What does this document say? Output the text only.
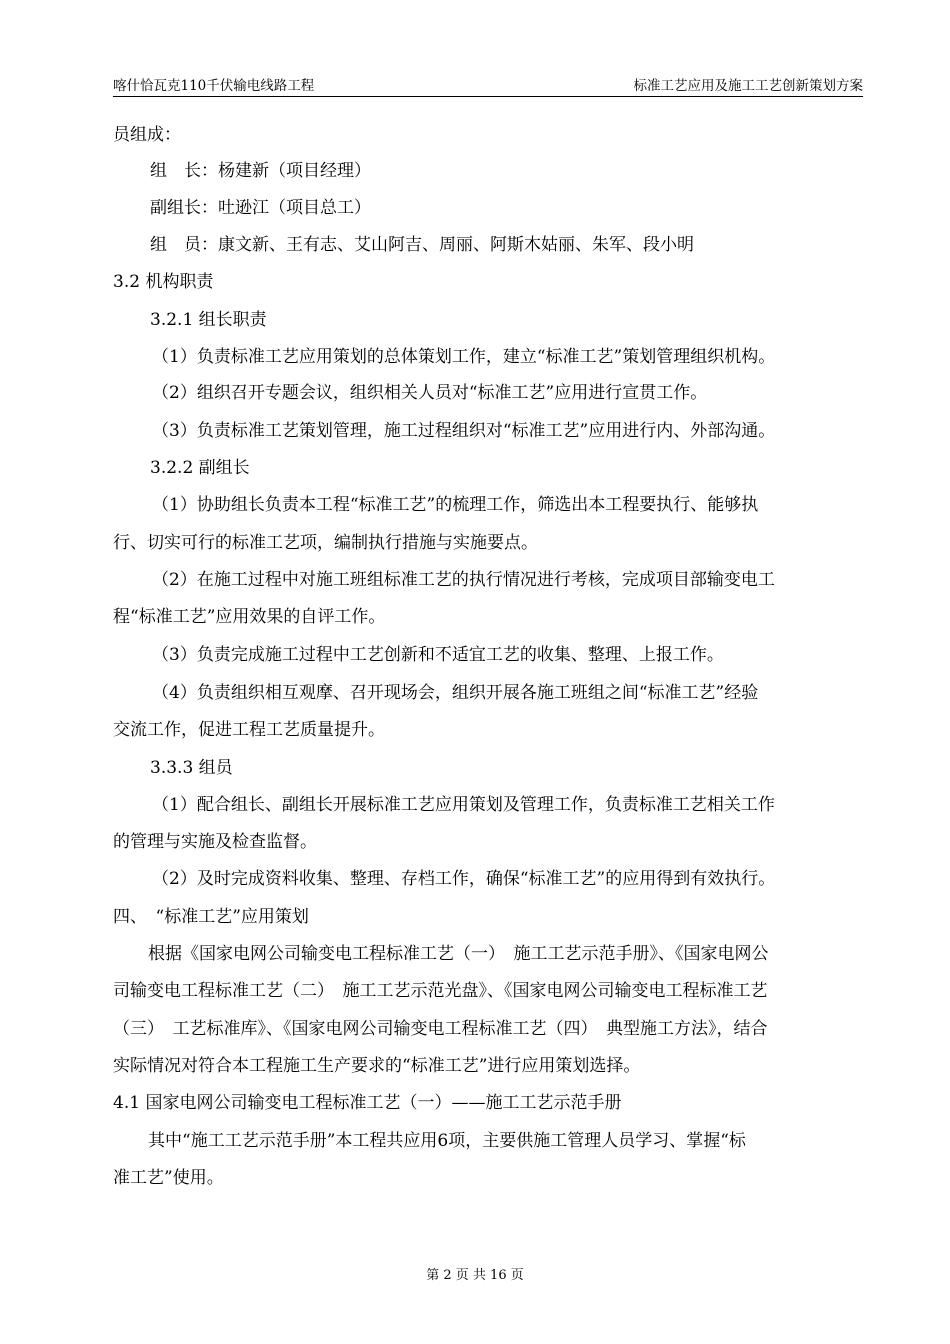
喀什恰瓦克110千伏输电线路工程	标准工艺应用及施工工艺创新策划方案
员组成：
组　长：杨建新（项目经理）
副组长：吐逊江（项目总工）
组　员：康文新、王有志、艾山阿吉、周丽、阿斯木姑丽、朱军、段小明
3.2 机构职责
3.2.1 组长职责
（1）负责标准工艺应用策划的总体策划工作，建立“标准工艺”策划管理组织机构。
（2）组织召开专题会议，组织相关人员对“标准工艺”应用进行宣贯工作。
（3）负责标准工艺策划管理，施工过程组织对“标准工艺”应用进行内、外部沟通。
3.2.2 副组长
（1）协助组长负责本工程“标准工艺”的梳理工作，筛选出本工程要执行、能够执
行、切实可行的标准工艺项，编制执行措施与实施要点。
（2）在施工过程中对施工班组标准工艺的执行情况进行考核，完成项目部输变电工
程“标准工艺”应用效果的自评工作。
（3）负责完成施工过程中工艺创新和不适宜工艺的收集、整理、上报工作。
（4）负责组织相互观摩、召开现场会，组织开展各施工班组之间“标准工艺”经验
交流工作，促进工程工艺质量提升。
3.3.3 组员
（1）配合组长、副组长开展标准工艺应用策划及管理工作，负责标准工艺相关工作
的管理与实施及检查监督。
（2）及时完成资料收集、整理、存档工作，确保“标准工艺”的应用得到有效执行。
四、　“标准工艺”应用策划
根据《国家电网公司输变电工程标准工艺（一）　施工工艺示范手册》、《国家电网公
司输变电工程标准工艺（二）　施工工艺示范光盘》、《国家电网公司输变电工程标准工艺
（三）　工艺标准库》、《国家电网公司输变电工程标准工艺（四）　典型施工方法》，结合
实际情况对符合本工程施工生产要求的“标准工艺”进行应用策划选择。
4.1 国家电网公司输变电工程标准工艺（一）——施工工艺示范手册
其中“施工工艺示范手册”本工程共应用6项，主要供施工管理人员学习、掌握“标
准工艺”使用。
第 2 页 共 16 页
